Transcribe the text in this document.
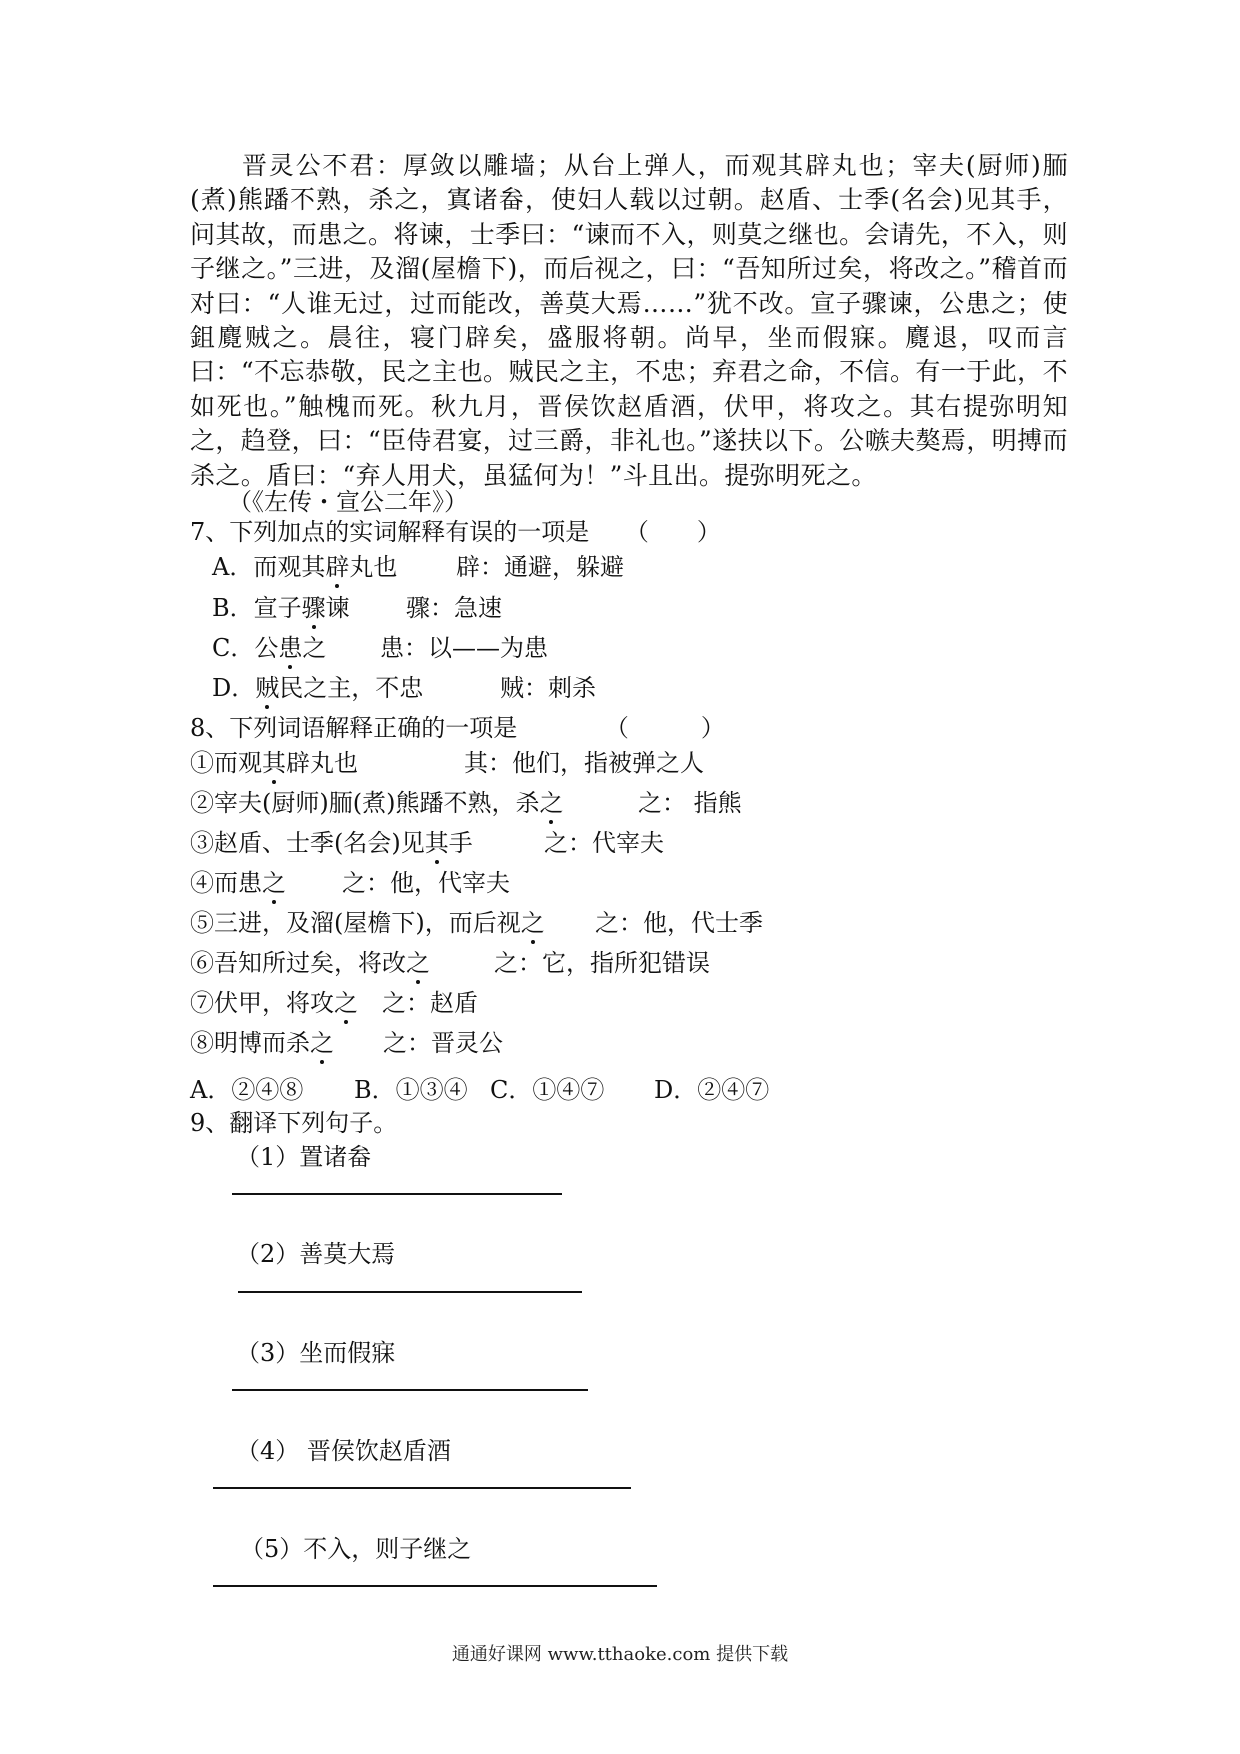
晋灵公不君：厚敛以雕墙；从台上弹人，而观其辟丸也；宰夫(厨师)胹(煮)熊蹯不熟，杀之，寘诸畚，使妇人载以过朝。赵盾、士季(名会)见其手，问其故，而患之。将谏，士季曰：“谏而不入，则莫之继也。会请先，不入，则子继之。”三进，及溜(屋檐下)，而后视之，曰：“吾知所过矣，将改之。”稽首而对曰：“人谁无过，过而能改，善莫大焉……”犹不改。宣子骤谏，公患之；使鉏麑贼之。晨往，寝门辟矣，盛服将朝。尚早，坐而假寐。麑退，叹而言曰：“不忘恭敬，民之主也。贼民之主，不忠；弃君之命，不信。有一于此，不如死也。”触槐而死。秋九月，晋侯饮赵盾酒，伏甲，将攻之。其右提弥明知之，趋登，曰：“臣侍君宴，过三爵，非礼也。”遂扶以下。公嗾夫獒焉，明搏而杀之。盾曰：“弃人用犬，虽猛何为！”斗且出。提弥明死之。

（《左传・宣公二年》）
7、下列加点的实词解释有误的一项是 （　　）
A．而观其辟丸也 辟：通避，躲避
B．宣子骤谏 骤：急速
C．公患之 患：以——为患
D．贼民之主，不忠	贼：刺杀
8、下列词语解释正确的一项是	（　　　）
①而观其辟丸也	其：他们，指被弹之人
②宰夫(厨师)胹(煮)熊蹯不熟，杀之	之： 指熊
③赵盾、士季(名会)见其手	之：代宰夫
④而患之 之：他，代宰夫
⑤三进，及溜(屋檐下)，而后视之 之：他，代士季
⑥吾知所过矣，将改之	之：它，指所犯错误
⑦伏甲，将攻之 之：赵盾
⑧明博而杀之 之：晋灵公
A．②④⑧ B．①③④ C．①④⑦ D．②④⑦
9、翻译下列句子。
（1）置诸畚
（2）善莫大焉
（3）坐而假寐
（4） 晋侯饮赵盾酒
（5）不入，则子继之
通通好课网 www.tthaoke.com 提供下载
